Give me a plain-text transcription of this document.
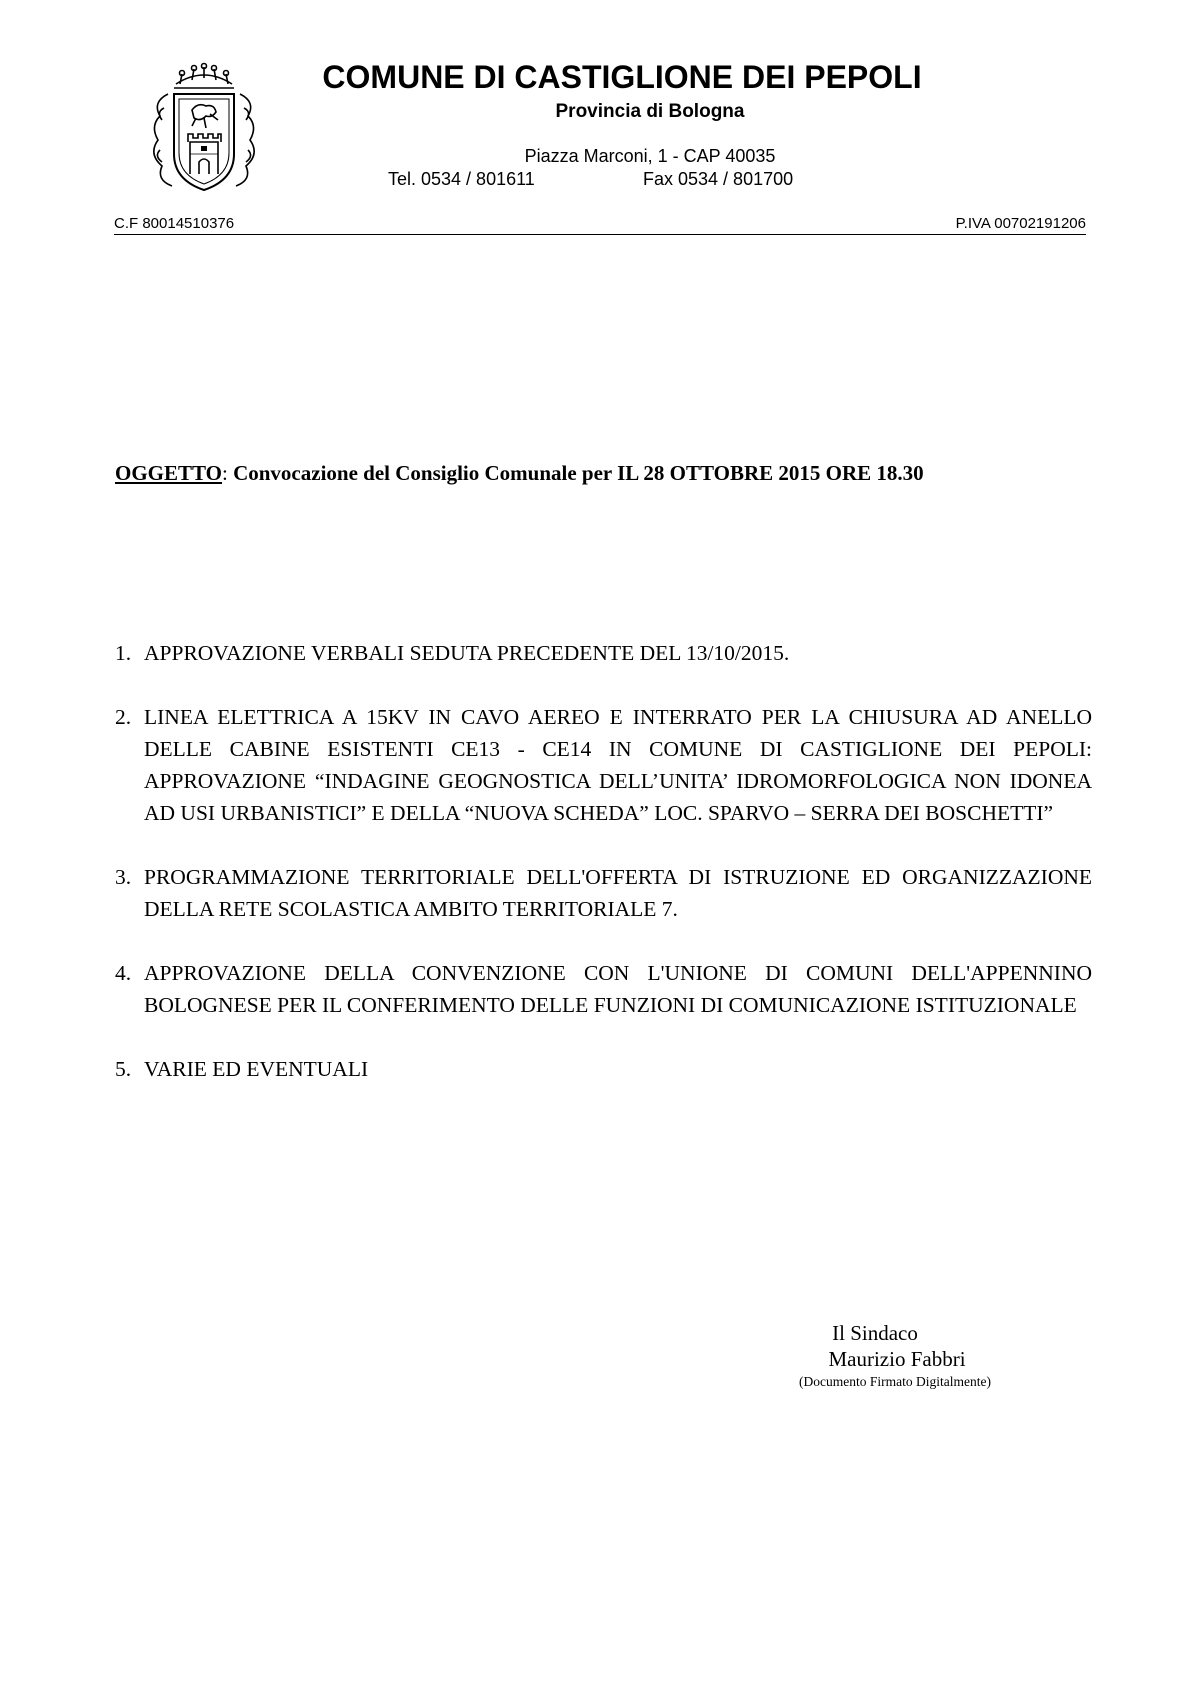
COMUNE DI CASTIGLIONE DEI PEPOLI
Provincia di Bologna
Piazza Marconi, 1 - CAP 40035
Tel. 0534 / 801611	Fax 0534 / 801700
C.F 80014510376	P.IVA 00702191206
OGGETTO: Convocazione del Consiglio Comunale per IL 28 OTTOBRE 2015 ORE 18.30
1. APPROVAZIONE VERBALI SEDUTA PRECEDENTE DEL 13/10/2015.
2. LINEA ELETTRICA A 15KV IN CAVO AEREO E INTERRATO PER LA CHIUSURA AD ANELLO DELLE CABINE ESISTENTI CE13 - CE14 IN COMUNE DI CASTIGLIONE DEI PEPOLI: APPROVAZIONE “INDAGINE GEOGNOSTICA DELL’UNITA’ IDROMORFOLOGICA NON IDONEA AD USI URBANISTICI” E DELLA “NUOVA SCHEDA” LOC. SPARVO – SERRA DEI BOSCHETTI”
3. PROGRAMMAZIONE TERRITORIALE DELL'OFFERTA DI ISTRUZIONE ED ORGANIZZAZIONE DELLA RETE SCOLASTICA AMBITO TERRITORIALE 7.
4. APPROVAZIONE DELLA CONVENZIONE CON L'UNIONE DI COMUNI DELL'APPENNINO BOLOGNESE PER IL CONFERIMENTO DELLE FUNZIONI DI COMUNICAZIONE ISTITUZIONALE
5. VARIE ED EVENTUALI
Il Sindaco
Maurizio Fabbri
(Documento Firmato Digitalmente)
